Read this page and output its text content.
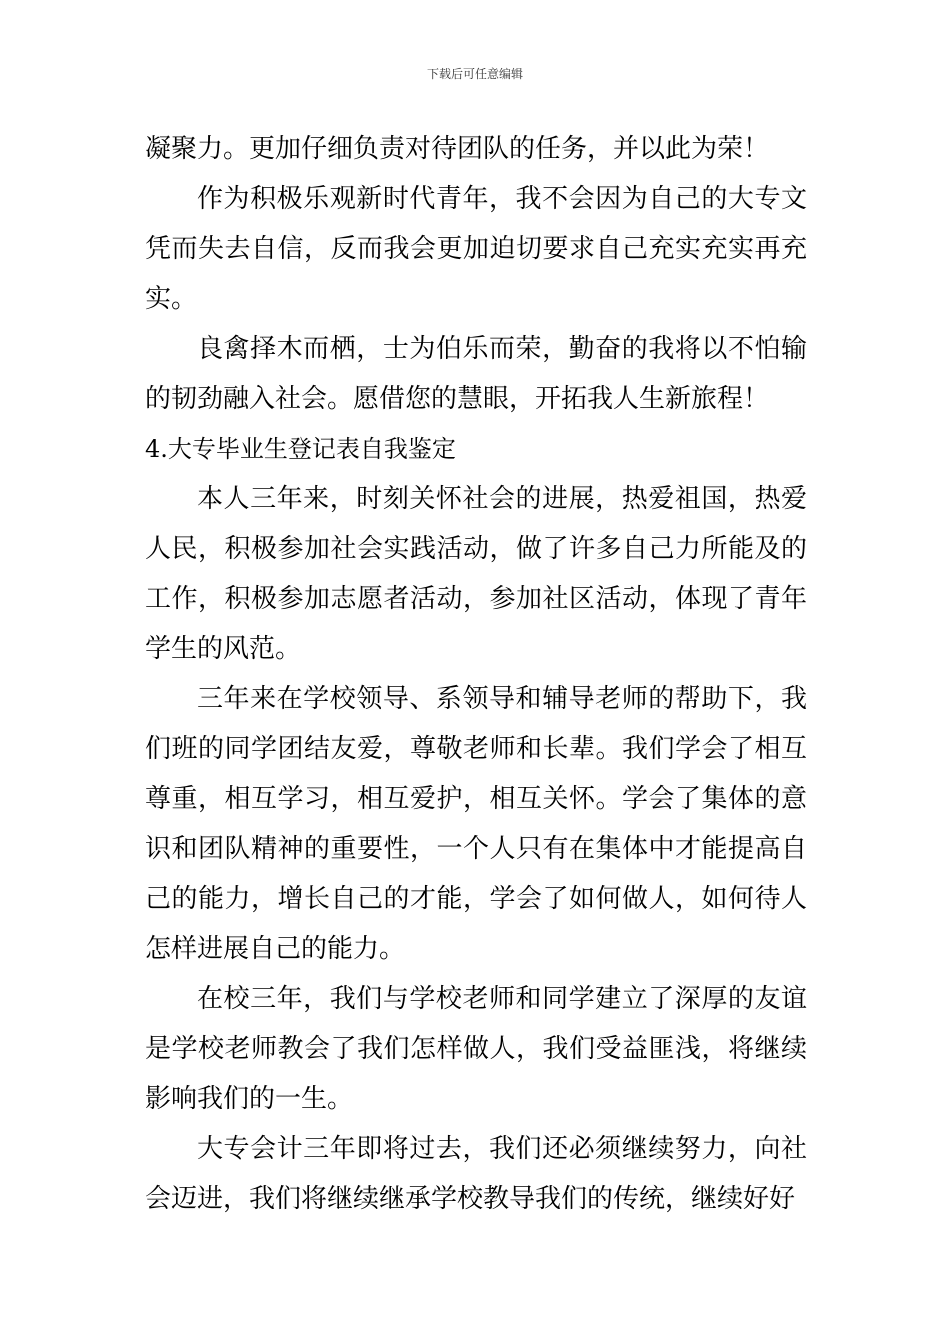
下载后可任意编辑

凝聚力。更加仔细负责对待团队的任务，并以此为荣！

作为积极乐观新时代青年，我不会因为自己的大专文凭而失去自信，反而我会更加迫切要求自己充实充实再充实。

良禽择木而栖，士为伯乐而荣，勤奋的我将以不怕输的韧劲融入社会。愿借您的慧眼，开拓我人生新旅程！

4.大专毕业生登记表自我鉴定

本人三年来，时刻关怀社会的进展，热爱祖国，热爱人民，积极参加社会实践活动，做了许多自己力所能及的工作，积极参加志愿者活动，参加社区活动，体现了青年学生的风范。

三年来在学校领导、系领导和辅导老师的帮助下，我们班的同学团结友爱，尊敬老师和长辈。我们学会了相互尊重，相互学习，相互爱护，相互关怀。学会了集体的意识和团队精神的重要性，一个人只有在集体中才能提高自己的能力，增长自己的才能，学会了如何做人，如何待人怎样进展自己的能力。

在校三年，我们与学校老师和同学建立了深厚的友谊是学校老师教会了我们怎样做人，我们受益匪浅，将继续影响我们的一生。

大专会计三年即将过去，我们还必须继续努力，向社会迈进，我们将继续继承学校教导我们的传统，继续好好
